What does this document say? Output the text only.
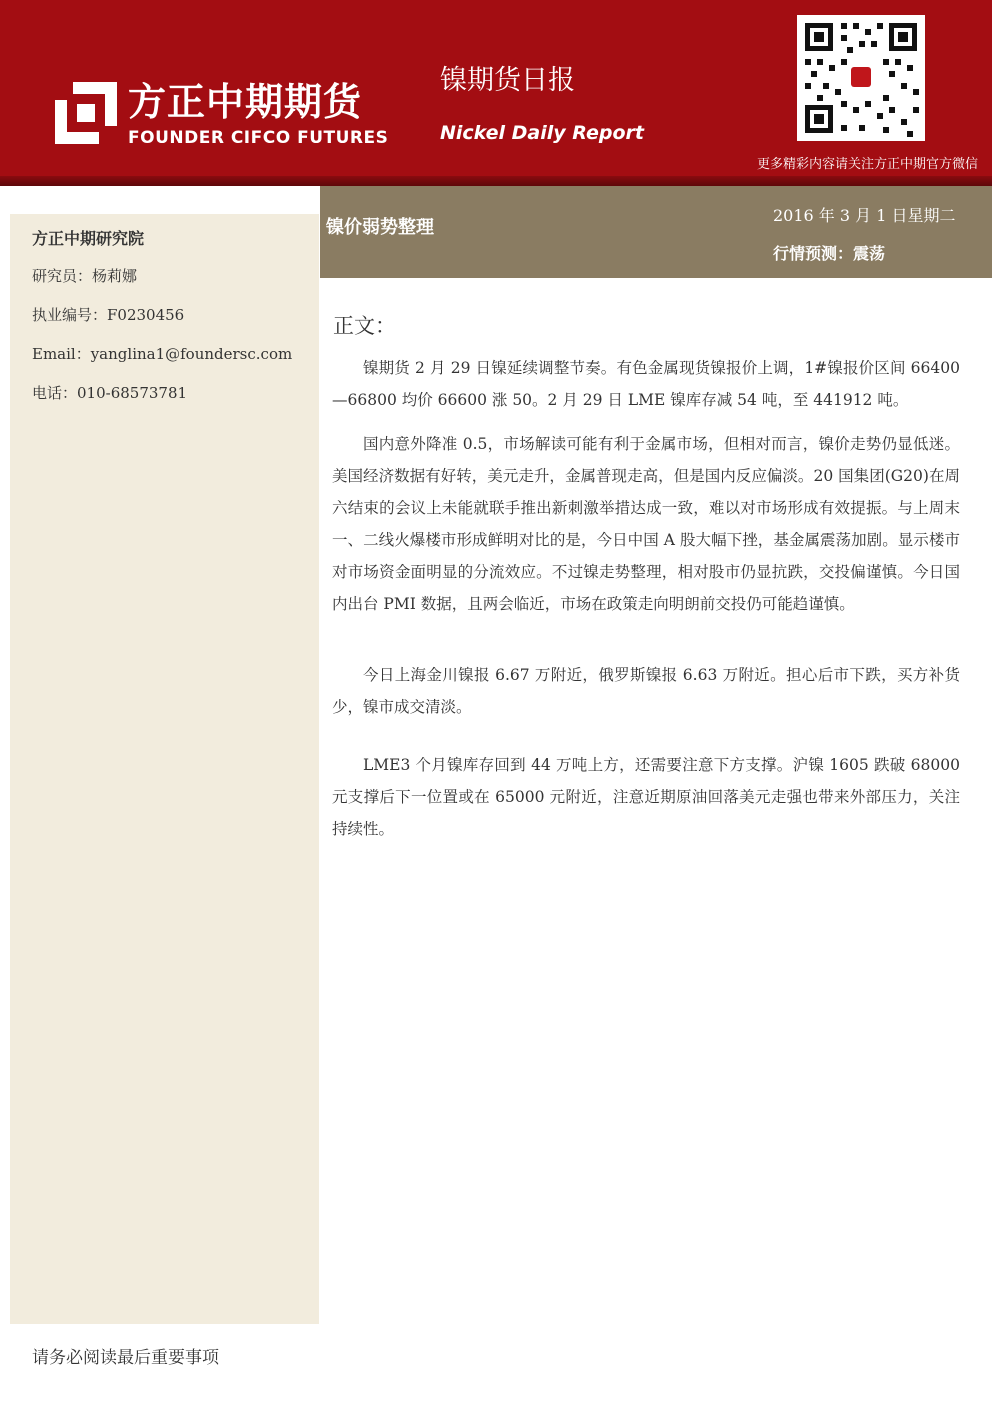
方正中期期货
FOUNDER CIFCO FUTURES
镍期货日报
Nickel Daily Report
更多精彩内容请关注方正中期官方微信
方正中期研究院
研究员：杨莉娜
执业编号：F0230456
Email：yanglina1@foundersc.com
电话：010-68573781
镍价弱势整理
2016 年 3 月 1 日星期二
行情预测：震荡
正文：

镍期货 2 月 29 日镍延续调整节奏。有色金属现货镍报价上调，1#镍报价区间 66400—66800 均价 66600 涨 50。2 月 29 日 LME 镍库存减 54 吨，至 441912 吨。

国内意外降准 0.5，市场解读可能有利于金属市场，但相对而言，镍价走势仍显低迷。美国经济数据有好转，美元走升，金属普现走高，但是国内反应偏淡。20 国集团(G20)在周六结束的会议上未能就联手推出新刺激举措达成一致，难以对市场形成有效提振。与上周末一、二线火爆楼市形成鲜明对比的是，今日中国 A 股大幅下挫，基金属震荡加剧。显示楼市对市场资金面明显的分流效应。不过镍走势整理，相对股市仍显抗跌，交投偏谨慎。今日国内出台 PMI 数据，且两会临近，市场在政策走向明朗前交投仍可能趋谨慎。

今日上海金川镍报 6.67 万附近，俄罗斯镍报 6.63 万附近。担心后市下跌，买方补货少，镍市成交清淡。

LME3 个月镍库存回到 44 万吨上方，还需要注意下方支撑。沪镍 1605 跌破 68000 元支撑后下一位置或在 65000 元附近，注意近期原油回落美元走强也带来外部压力，关注持续性。

请务必阅读最后重要事项
